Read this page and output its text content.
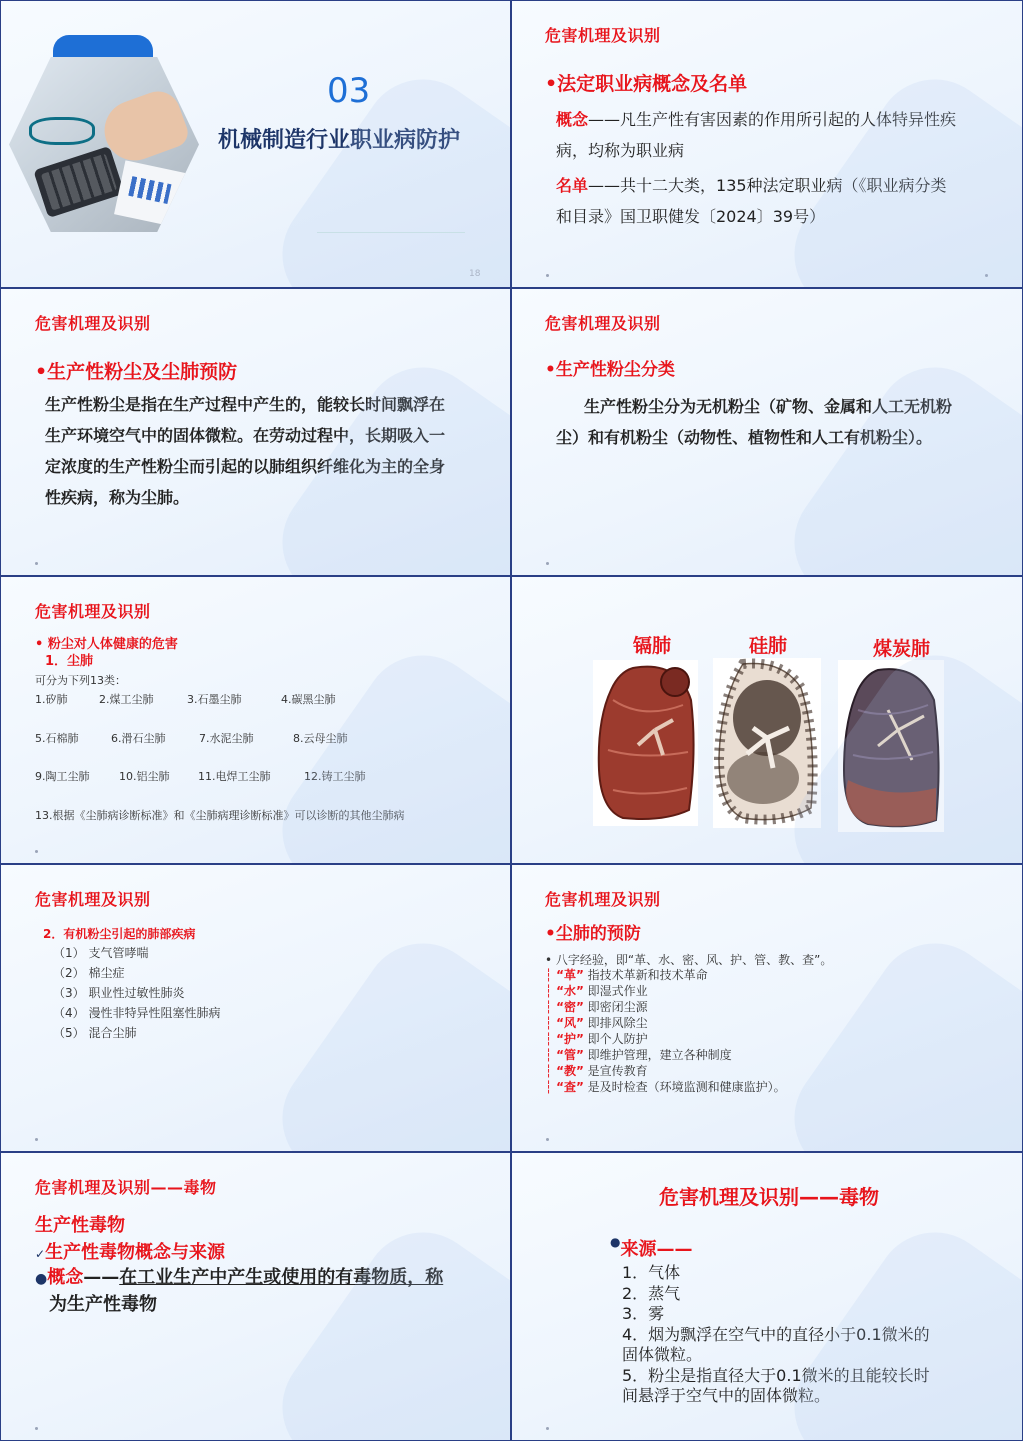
03
机械制造行业职业病防护
18
危害机理及识别
•法定职业病概念及名单
概念——凡生产性有害因素的作用所引起的人体特异性疾
病，均称为职业病
名单——共十二大类，135种法定职业病（《职业病分类
和目录》国卫职健发〔2024〕39号）
危害机理及识别
•生产性粉尘及尘肺预防
生产性粉尘是指在生产过程中产生的，能较长时间飘浮在
生产环境空气中的固体微粒。在劳动过程中，长期吸入一
定浓度的生产性粉尘而引起的以肺组织纤维化为主的全身
性疾病，称为尘肺。
危害机理及识别
•生产性粉尘分类
生产性粉尘分为无机粉尘（矿物、金属和人工无机粉
尘）和有机粉尘（动物性、植物性和人工有机粉尘）。
危害机理及识别
• 粉尘对人体健康的危害
1．尘肺
可分为下列13类：
1.矽肺	2.煤工尘肺	3.石墨尘肺	4.碳黑尘肺
5.石棉肺	6.滑石尘肺	7.水泥尘肺	8.云母尘肺
9.陶工尘肺	10.铝尘肺	11.电焊工尘肺	12.铸工尘肺
13.根据《尘肺病诊断标准》和《尘肺病理诊断标准》可以诊断的其他尘肺病
镉肺	硅肺	煤炭肺
危害机理及识别
2．有机粉尘引起的肺部疾病
（1） 支气管哮喘
（2） 棉尘症
（3） 职业性过敏性肺炎
（4） 漫性非特异性阻塞性肺病
（5） 混合尘肺
危害机理及识别
•尘肺的预防
• 八字经验，即“革、水、密、风、护、管、教、查”。
┆ “革” 指技术革新和技术革命
┆ “水” 即湿式作业
┆ “密” 即密闭尘源
┆ “风” 即排风除尘
┆ “护” 即个人防护
┆ “管” 即维护管理，建立各种制度
┆ “教” 是宣传教育
┆ “查” 是及时检查（环境监测和健康监护）。
危害机理及识别——毒物
生产性毒物
✓生产性毒物概念与来源
●概念——在工业生产中产生或使用的有毒物质，称
为生产性毒物
危害机理及识别——毒物
●来源——
1．气体
2．蒸气
3．雾
4．烟为飘浮在空气中的直径小于0.1微米的
固体微粒。
5．粉尘是指直径大于0.1微米的且能较长时
间悬浮于空气中的固体微粒。
